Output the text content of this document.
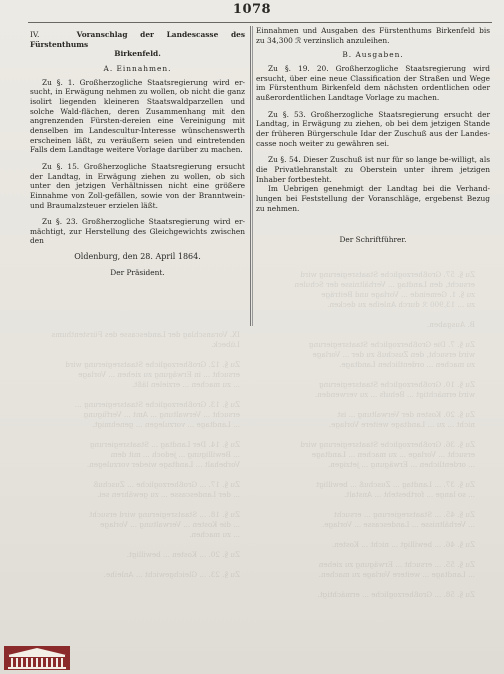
1078
Zu §. 57. Großherzogliche Staatsregierung wird
ersucht, den Landtag ... Verhältnisse der Schulen
zu §. 1. Gemeinde ... Vorlage und Beiträge
zu ... 13,900 ℛ durch Anleihe zu decken.

B. Ausgaben.

Zu §. 7. Die Großherzogliche Staatsregierung
wird ersucht, den Zuschuß zu der ... Vorlage
zu machen ... ordentlichen Landtage.

Zu §. 10. Großherzogliche Staatsregierung
wird ermächtigt ... Behufs ... zu verwenden.

Zu §. 20. Kosten der Verwaltung ... ist
nicht ... zu ... Landtage weitere Vorlage.
IX. Voranschlag der Landescasse des Fürstenthums
Lübeck.

Zu §. 12. Großherzogliche Staatsregierung wird
ersucht ... in Erwägung zu ziehen ... Vorlage
... zu machen ... erzielen läßt.

Zu §. 13. Großherzogliche Staatsregierung ...
ersucht ... Verwaltung ... Amt ... Verfügung
... Landtage ... vorzulegen ... genehmigt.

Zu §. 14. Der Landtag ... Staatsregierung
... Bewilligung ... jedoch ... mit dem
Vorbehalt ... Landtage wieder vorzulegen.

Zu §. 17. ... Großherzogliche ... Zuschuß
... der Landescasse ... zu gewähren sei.

Zu §. 18. ... Staatsregierung wird ersucht
... die Kosten ... Verwaltung ... Vorlage
... zu machen.

Zu §. 20. ... Kosten ... bewilligt.

Zu §. 23. ... Gleichgewicht ... Anleihe.
Zu §. 36. Großherzogliche Staatsregierung wird
ersucht ... Vorlage ... zu machen ... Landtage
... ordentlichen ... Erwägung ... jetzigen.

Zu §. 37. ... Landtag ... Zuschuß ... bewilligt
... so lange ... fortbesteht ... Anstalt.

Zu §. 45. ... Staatsregierung ... ersucht
... Verhältnisse ... Landescasse ... Vorlage.

Zu §. 46. ... bewilligt ... nicht ... Kosten.

Zu §. 55. ... ersucht ... Erwägung zu ziehen
... Landtage ... weitere Vorlage zu machen.

Zu §. 58. ... Großherzogliche ... ermächtigt.

IV.	Voranschlag der Landescasse des Fürstenthums

Birkenfeld.

A. Einnahmen.

Zu §. 1. Großherzogliche Staatsregierung wird er-sucht, in Erwägung nehmen zu wollen, ob nicht die ganz isolirt liegenden kleineren Staatswaldparzellen und solche Wald-flächen, deren Zusammenhang mit den angrenzenden Fürsten-dereien eine Vereinigung mit denselben im Landescultur-Interesse wünschenswerth erscheinen läßt, zu veräußern seien und eintretenden Falls dem Landtage weitere Vorlage darüber zu machen.

Zu §. 15. Großherzogliche Staatsregierung ersucht der Landtag, in Erwägung ziehen zu wollen, ob sich unter den jetzigen Verhältnissen nicht eine größere Einnahme von Zoll-gefällen, sowie von der Branntwein- und Braumalzsteuer erzielen läßt.

Zu §. 23. Großherzogliche Staatsregierung wird er-mächtigt, zur Herstellung des Gleichgewichts zwischen den

Oldenburg, den 28. April 1864.

Der Präsident.

Einnahmen und Ausgaben des Fürstenthums Birkenfeld bis zu 34,300 ℛ verzinslich anzuleihen.

B. Ausgaben.

Zu §. 19. 20. Großherzogliche Staatsregierung wird ersucht, über eine neue Classification der Straßen und Wege im Fürstenthum Birkenfeld dem nächsten ordentlichen oder außerordentlichen Landtage Vorlage zu machen.

Zu §. 53. Großherzogliche Staatsregierung ersucht der Landtag, in Erwägung zu ziehen, ob bei dem jetzigen Stande der früheren Bürgerschule Idar der Zuschuß aus der Landes-casse noch weiter zu gewähren sei.

Zu §. 54. Dieser Zuschuß ist nur für so lange be-willigt, als die Privatlehranstalt zu Oberstein unter ihrem jetzigen Inhaber fortbesteht.

Im Uebrigen genehmigt der Landtag bei die Verhand-lungen bei Feststellung der Voranschläge, ergebenst Bezug zu nehmen.

Der Schriftführer.
